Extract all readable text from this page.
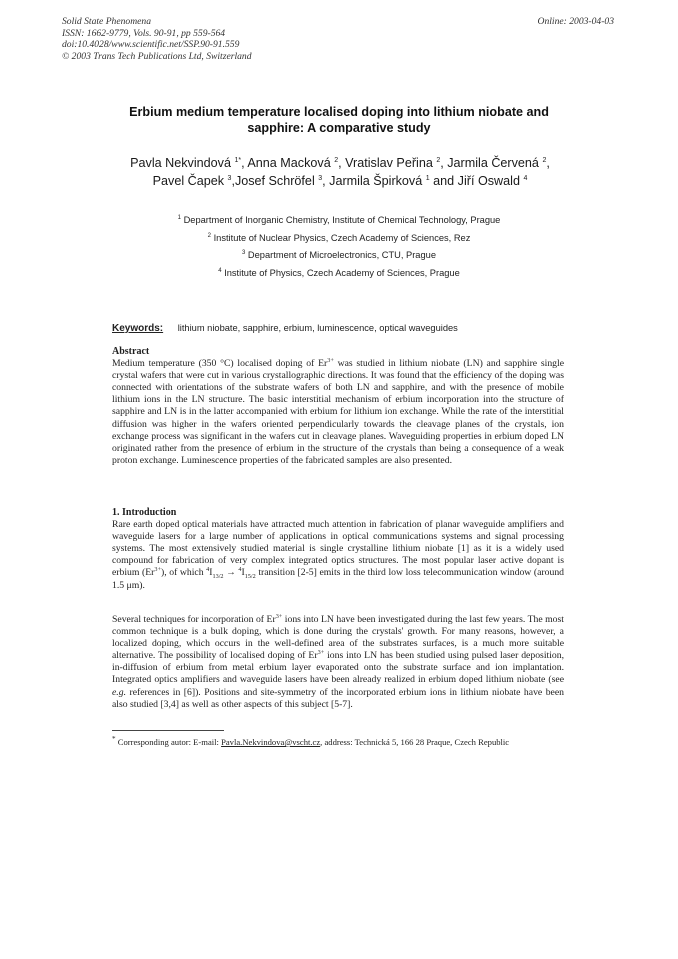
Solid State Phenomena
ISSN: 1662-9779, Vols. 90-91, pp 559-564
doi:10.4028/www.scientific.net/SSP.90-91.559
© 2003 Trans Tech Publications Ltd, Switzerland
Online: 2003-04-03
Erbium medium temperature localised doping into lithium niobate and
sapphire: A comparative study
Pavla Nekvindová $^{1*}$, Anna Macková $^2$, Vratislav Peřina $^2$, Jarmila Červená $^2$,
Pavel Čapek $^3$,Josef Schröfel $^3$, Jarmila Špirková $^1$ and Jiří Oswald $^4$
$^1$ Department of Inorganic Chemistry, Institute of Chemical Technology, Prague
$^2$ Institute of Nuclear Physics, Czech Academy of Sciences, Rez
$^3$ Department of Microelectronics, CTU, Prague
$^4$ Institute of Physics, Czech Academy of Sciences, Prague
Keywords: lithium niobate, sapphire, erbium, luminescence, optical waveguides
Abstract

Medium temperature (350 °C) localised doping of $Er^{3+}$ was studied in lithium niobate (LN) and sapphire single crystal wafers that were cut in various crystallographic directions. It was found that the efficiency of the doping was connected with orientations of the substrate wafers of both LN and sapphire, and with the presence of mobile lithium ions in the LN structure. The basic interstitial mechanism of erbium incorporation into the structure of sapphire and LN is in the latter accompanied with erbium for lithium ion exchange. While the rate of the interstitial diffusion was higher in the wafers oriented perpendicularly towards the cleavage planes of the crystals, ion exchange process was significant in the wafers cut in cleavage planes. Waveguiding properties in erbium doped LN originated rather from the presence of erbium in the structure of the crystals than being a consequence of a weak proton exchange. Luminescence properties of the fabricated samples are also presented.

1. Introduction

Rare earth doped optical materials have attracted much attention in fabrication of planar waveguide amplifiers and waveguide lasers for a large number of applications in optical communications systems and signal processing systems. The most extensively studied material is single crystalline lithium niobate [1] as it is a widely used compound for fabrication of very complex integrated optics structures. The most popular laser active dopant is erbium $(Er^{3+})$, of which $^4I_{13/2} \to ^4I_{15/2}$ transition [2-5] emits in the third low loss telecommunication window (around 1.5 μm).

Several techniques for incorporation of $Er^{3+}$ ions into LN have been investigated during the last few years. The most common technique is a bulk doping, which is done during the crystals' growth. For many reasons, however, a localized doping, which occurs in the well-defined area of the substrates surfaces, is a much more suitable alternative. The possibility of localised doping of $Er^{3+}$ ions into LN has been studied using pulsed laser deposition, in-diffusion of erbium from metal erbium layer evaporated onto the substrate surface and ion implantation. Integrated optics amplifiers and waveguide lasers have been already realized in erbium doped lithium niobate (see e.g. references in [6]). Positions and site-symmetry of the incorporated erbium ions in lithium niobate have been also studied [3,4] as well as other aspects of this subject [5-7].

* Corresponding autor: E-mail: Pavla.Nekvindova@vscht.cz, address: Technická 5, 166 28 Praque, Czech Republic
